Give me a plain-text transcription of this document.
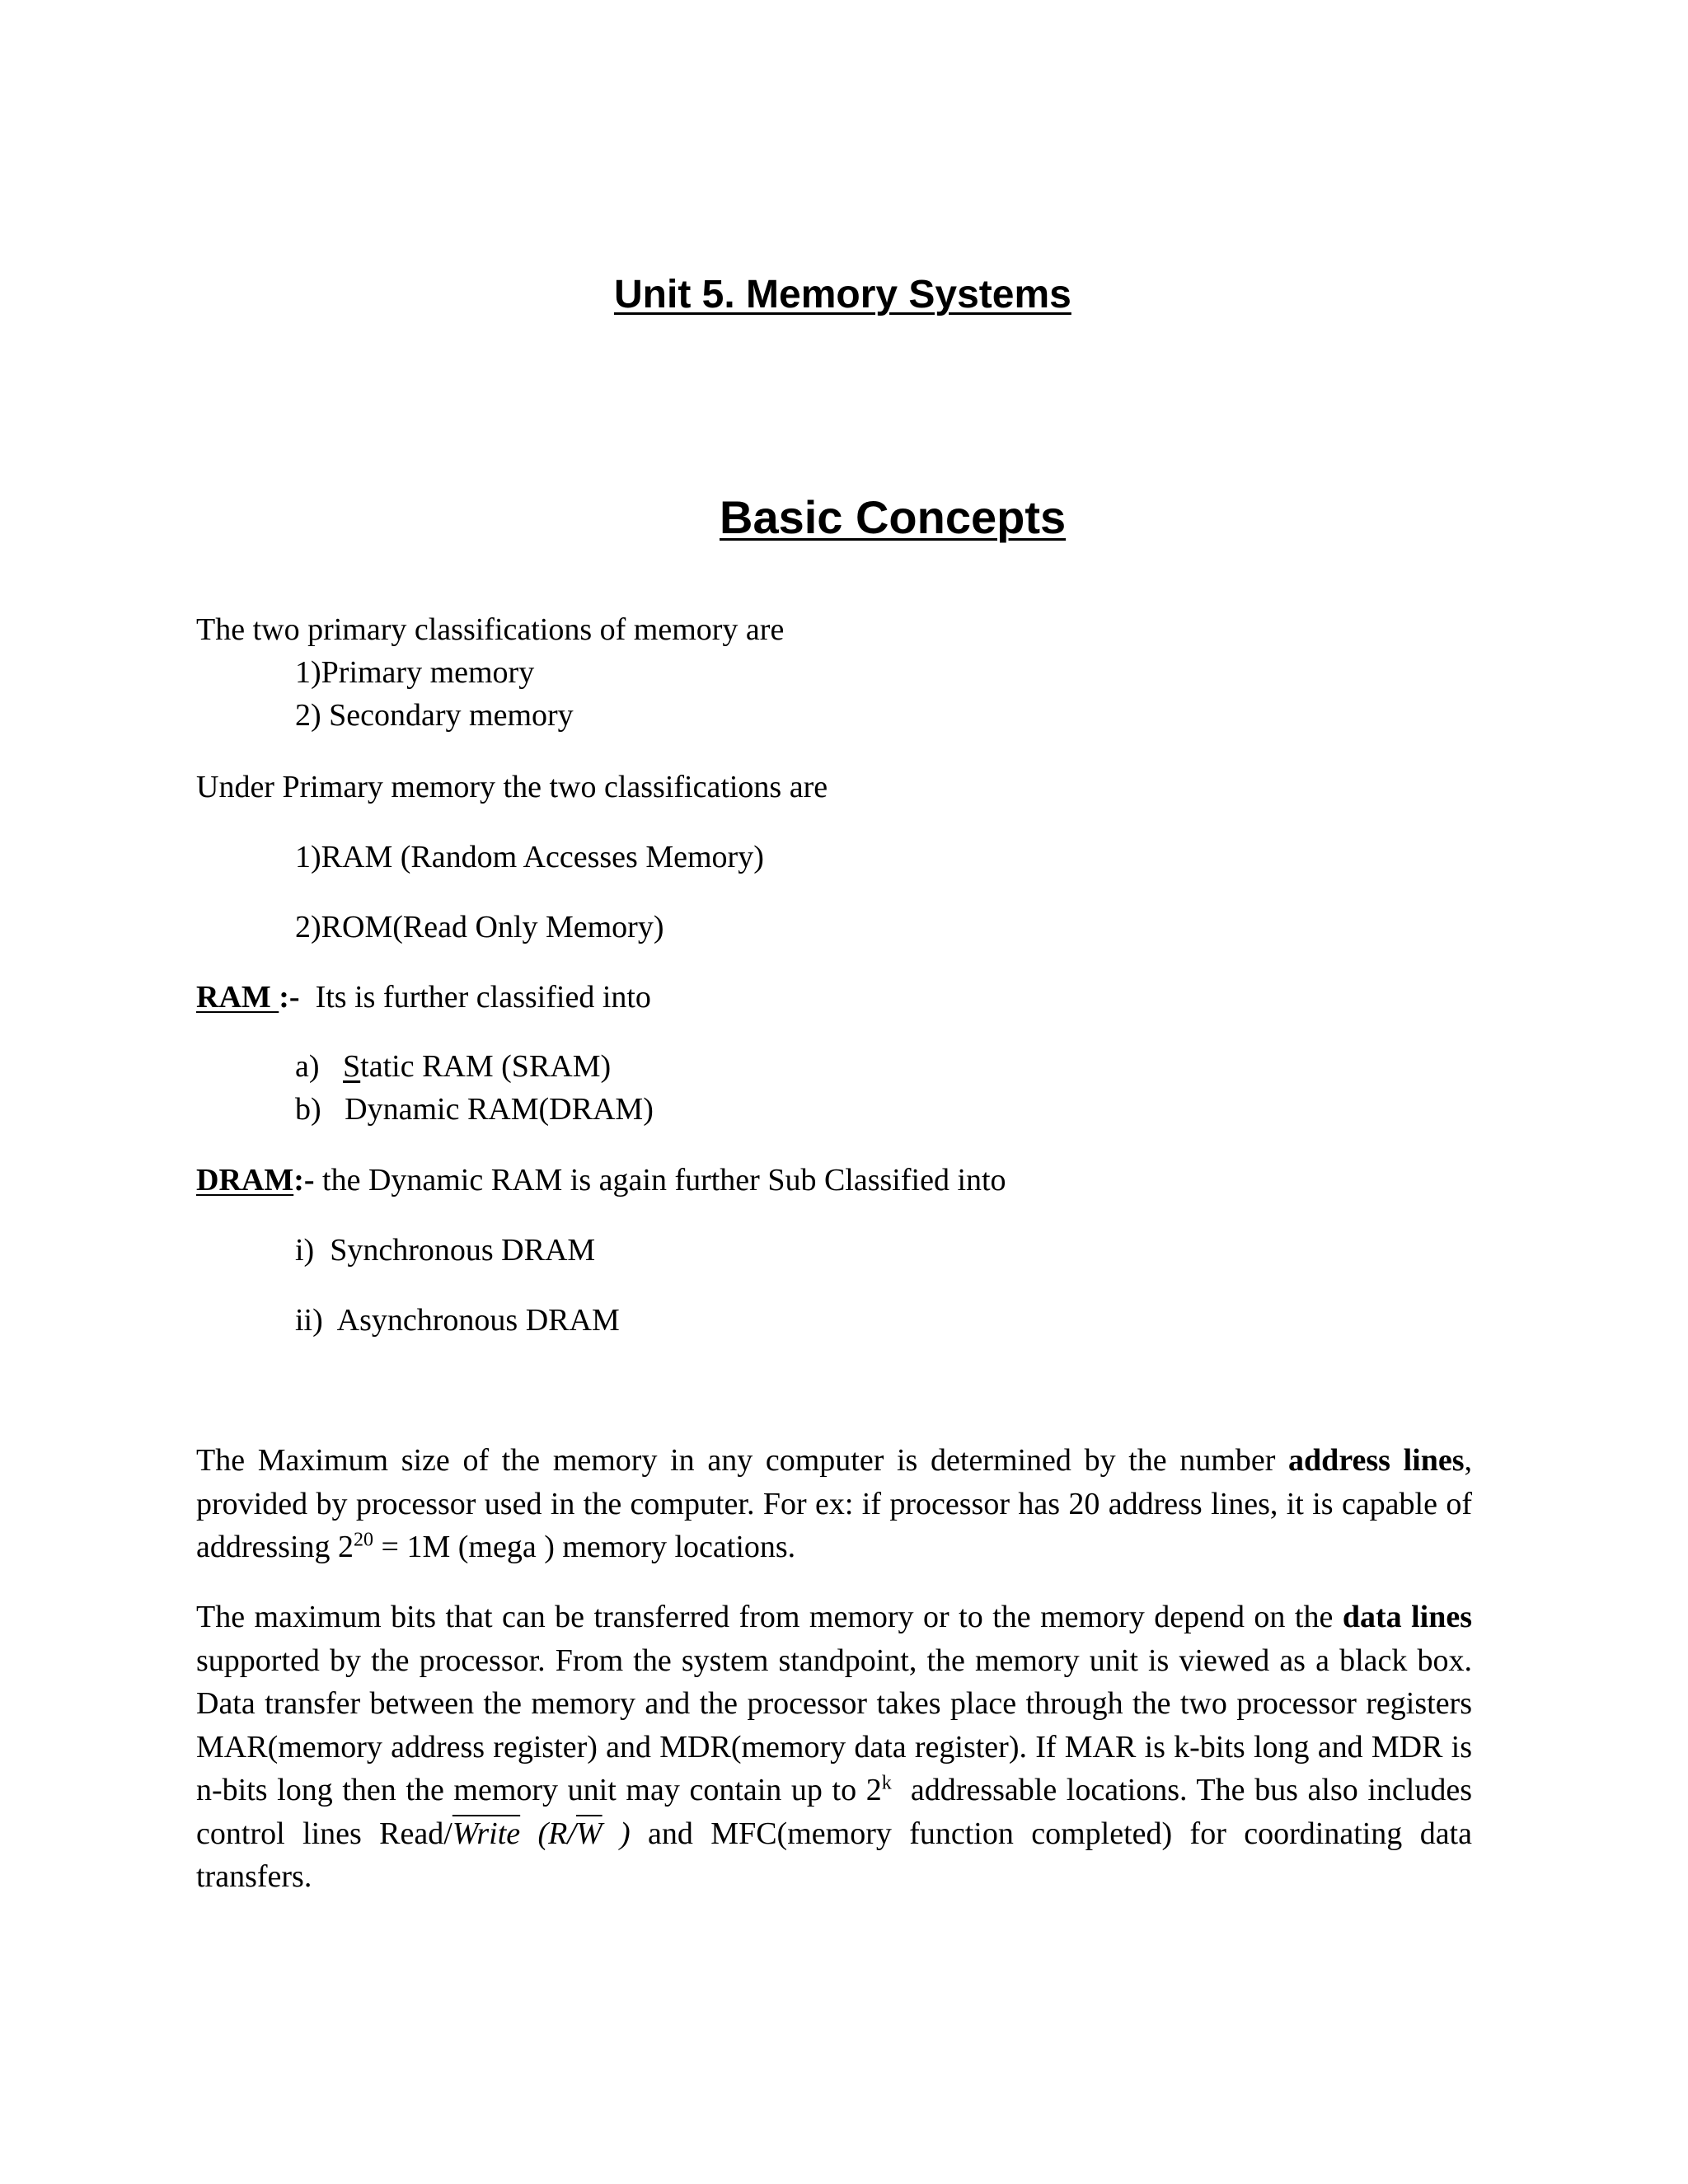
Unit 5. Memory Systems
Basic Concepts
The two primary classifications of memory are
1)Primary memory
2) Secondary memory
Under Primary memory the two classifications are
1)RAM (Random Accesses Memory)
2)ROM(Read Only Memory)
RAM :-  Its is further classified into
a) Static RAM (SRAM)
b) Dynamic RAM(DRAM)
DRAM:- the Dynamic RAM is again further Sub Classified into
i)  Synchronous DRAM
ii)  Asynchronous DRAM
The Maximum size of the memory in any computer is determined by the number address lines, provided by processor used in the computer. For ex: if processor has 20 address lines, it is capable of addressing $2^{20} = 1M$ (mega ) memory locations.
The maximum bits that can be transferred from memory or to the memory depend on the data lines supported by the processor. From the system standpoint, the memory unit is viewed as a black box. Data transfer between the memory and the processor takes place through the two processor registers MAR(memory address register) and MDR(memory data register). If MAR is k-bits long and MDR is n-bits long then the memory unit may contain up to 2$^k$  addressable locations. The bus also includes control lines Read/Write ($R/\overline{W}$ ) and MFC(memory function completed) for coordinating data transfers.
